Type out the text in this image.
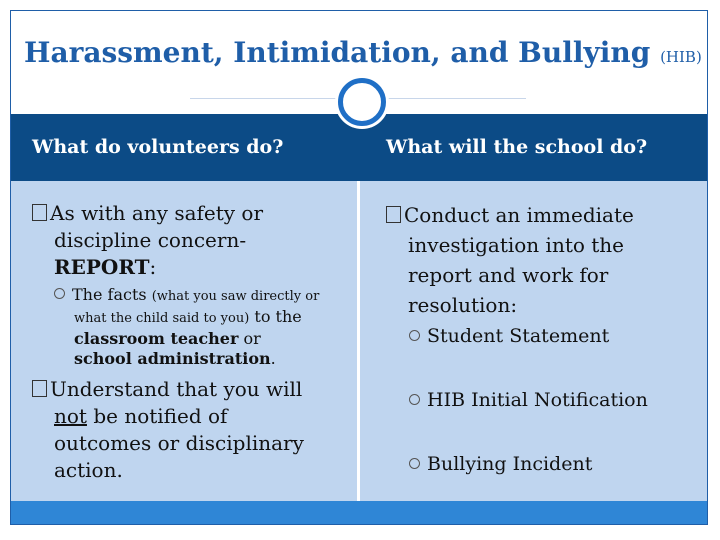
Harassment, Intimidation, and Bullying (HIB)
What do volunteers do?	What will the school do?
As with any safety or
discipline concern-
REPORT:
The facts (what you saw directly or

what the child said to you) to the
classroom teacher or
school administration.
Understand that you will
not be notified of
outcomes or disciplinary
action.
Conduct an immediate
investigation into the
report and work for
resolution:
Student Statement
HIB Initial Notification
Bullying Incident
